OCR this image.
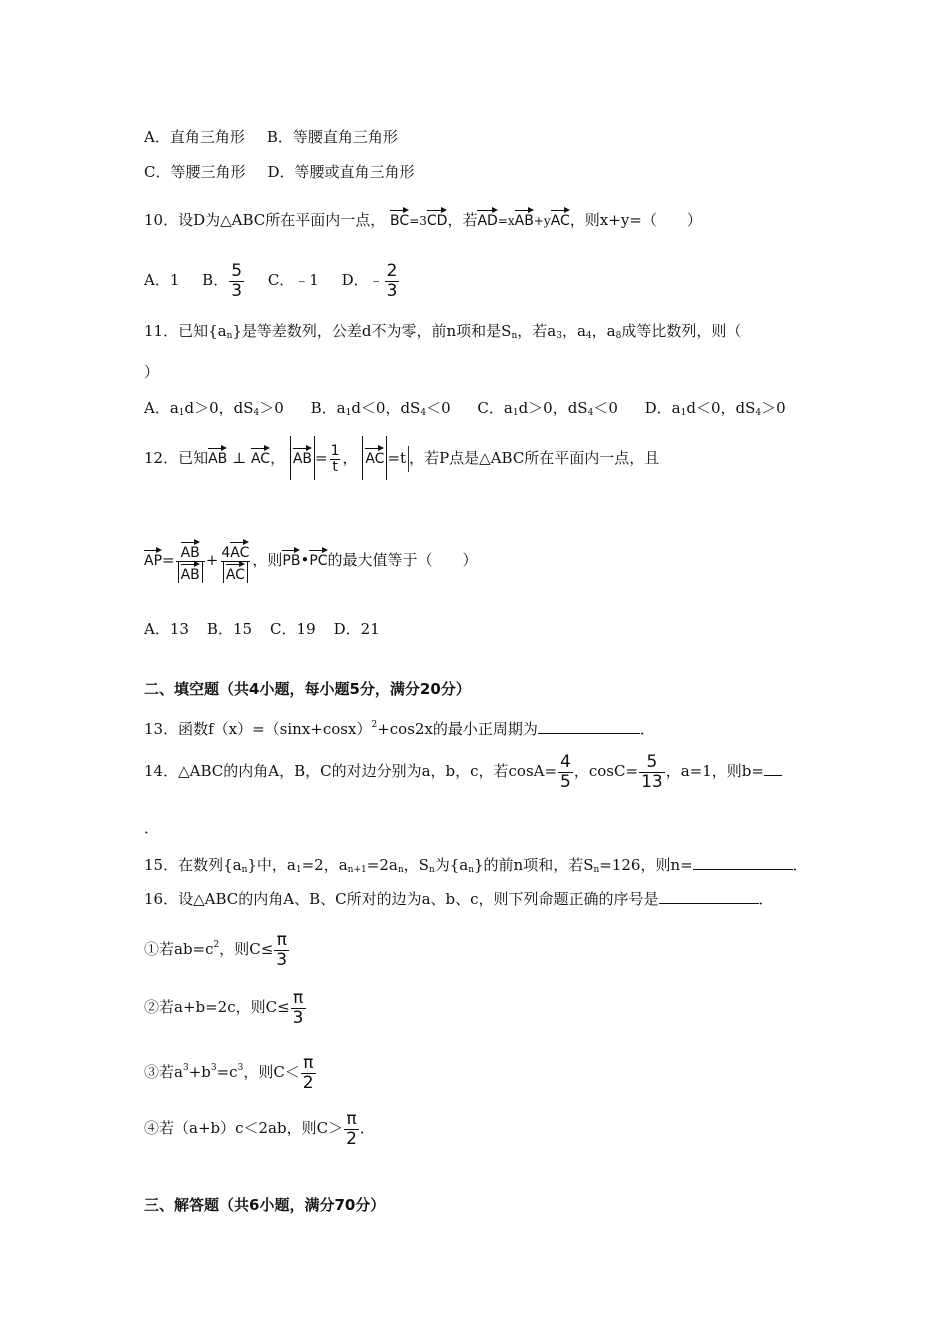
A．直角三角形 B．等腰直角三角形
C．等腰三角形 D．等腰或直角三角形
10．设D为△ABC所在平面内一点， BC=3CD，若AD=xAB+yAC，则x+y=（　　）
A．1 B． $\frac{5}{3}$ C．﹣1 D．﹣ $\frac{2}{3}$
11．已知$\{a_n\}$是等差数列，公差d不为零，前n项和是$S_n$，若$a_3$，$a_4$，$a_8$成等比数列，则（
）
A．$a_1d>0$，$dS_4>0$ B．$a_1d<0$，$dS_4<0$ C．$a_1d>0$，$dS_4<0$ D．$a_1d<0$，$dS_4>0$
12．已知AB ⊥ AC， AB = $\frac{1}{t}$ ， AC =t ，若P点是△ABC所在平面内一点，且
$AP= \frac{AB}{AB} + \frac{4AC}{AC}$ ，则PB•PC的最大值等于（　　）
A．13 B．15 C．19 D．21
二、填空题（共4小题，每小题5分，满分20分）
13．函数$f(x)=(\sin x+\cos x)^2+\cos 2x$的最小正周期为	．
14．△ABC的内角A，B，C的对边分别为a，b，c，若$\cos A= \frac{4}{5}$ ，$\cos C= \frac{5}{13}$ ，a=1，则b=
．
15．在数列$\{a_n\}$中，$a_1=2$，$a_{n+1}=2a_n$，$S_n$为$\{a_n\}$的前n项和，若$S_n=126$，则n=	．
16．设△ABC的内角A、B、C所对的边为a、b、c，则下列命题正确的序号是	．
①若$ab=c^2$，则$C\le \frac{\pi}{3}$
②若a+b=2c，则$C\le \frac{\pi}{3}$
③若$a^3+b^3=c^3$，则$C< \frac{\pi}{2}$
④若（a+b）c＜2ab，则$C> \frac{\pi}{2}$ ．
三、解答题（共6小题，满分70分）
